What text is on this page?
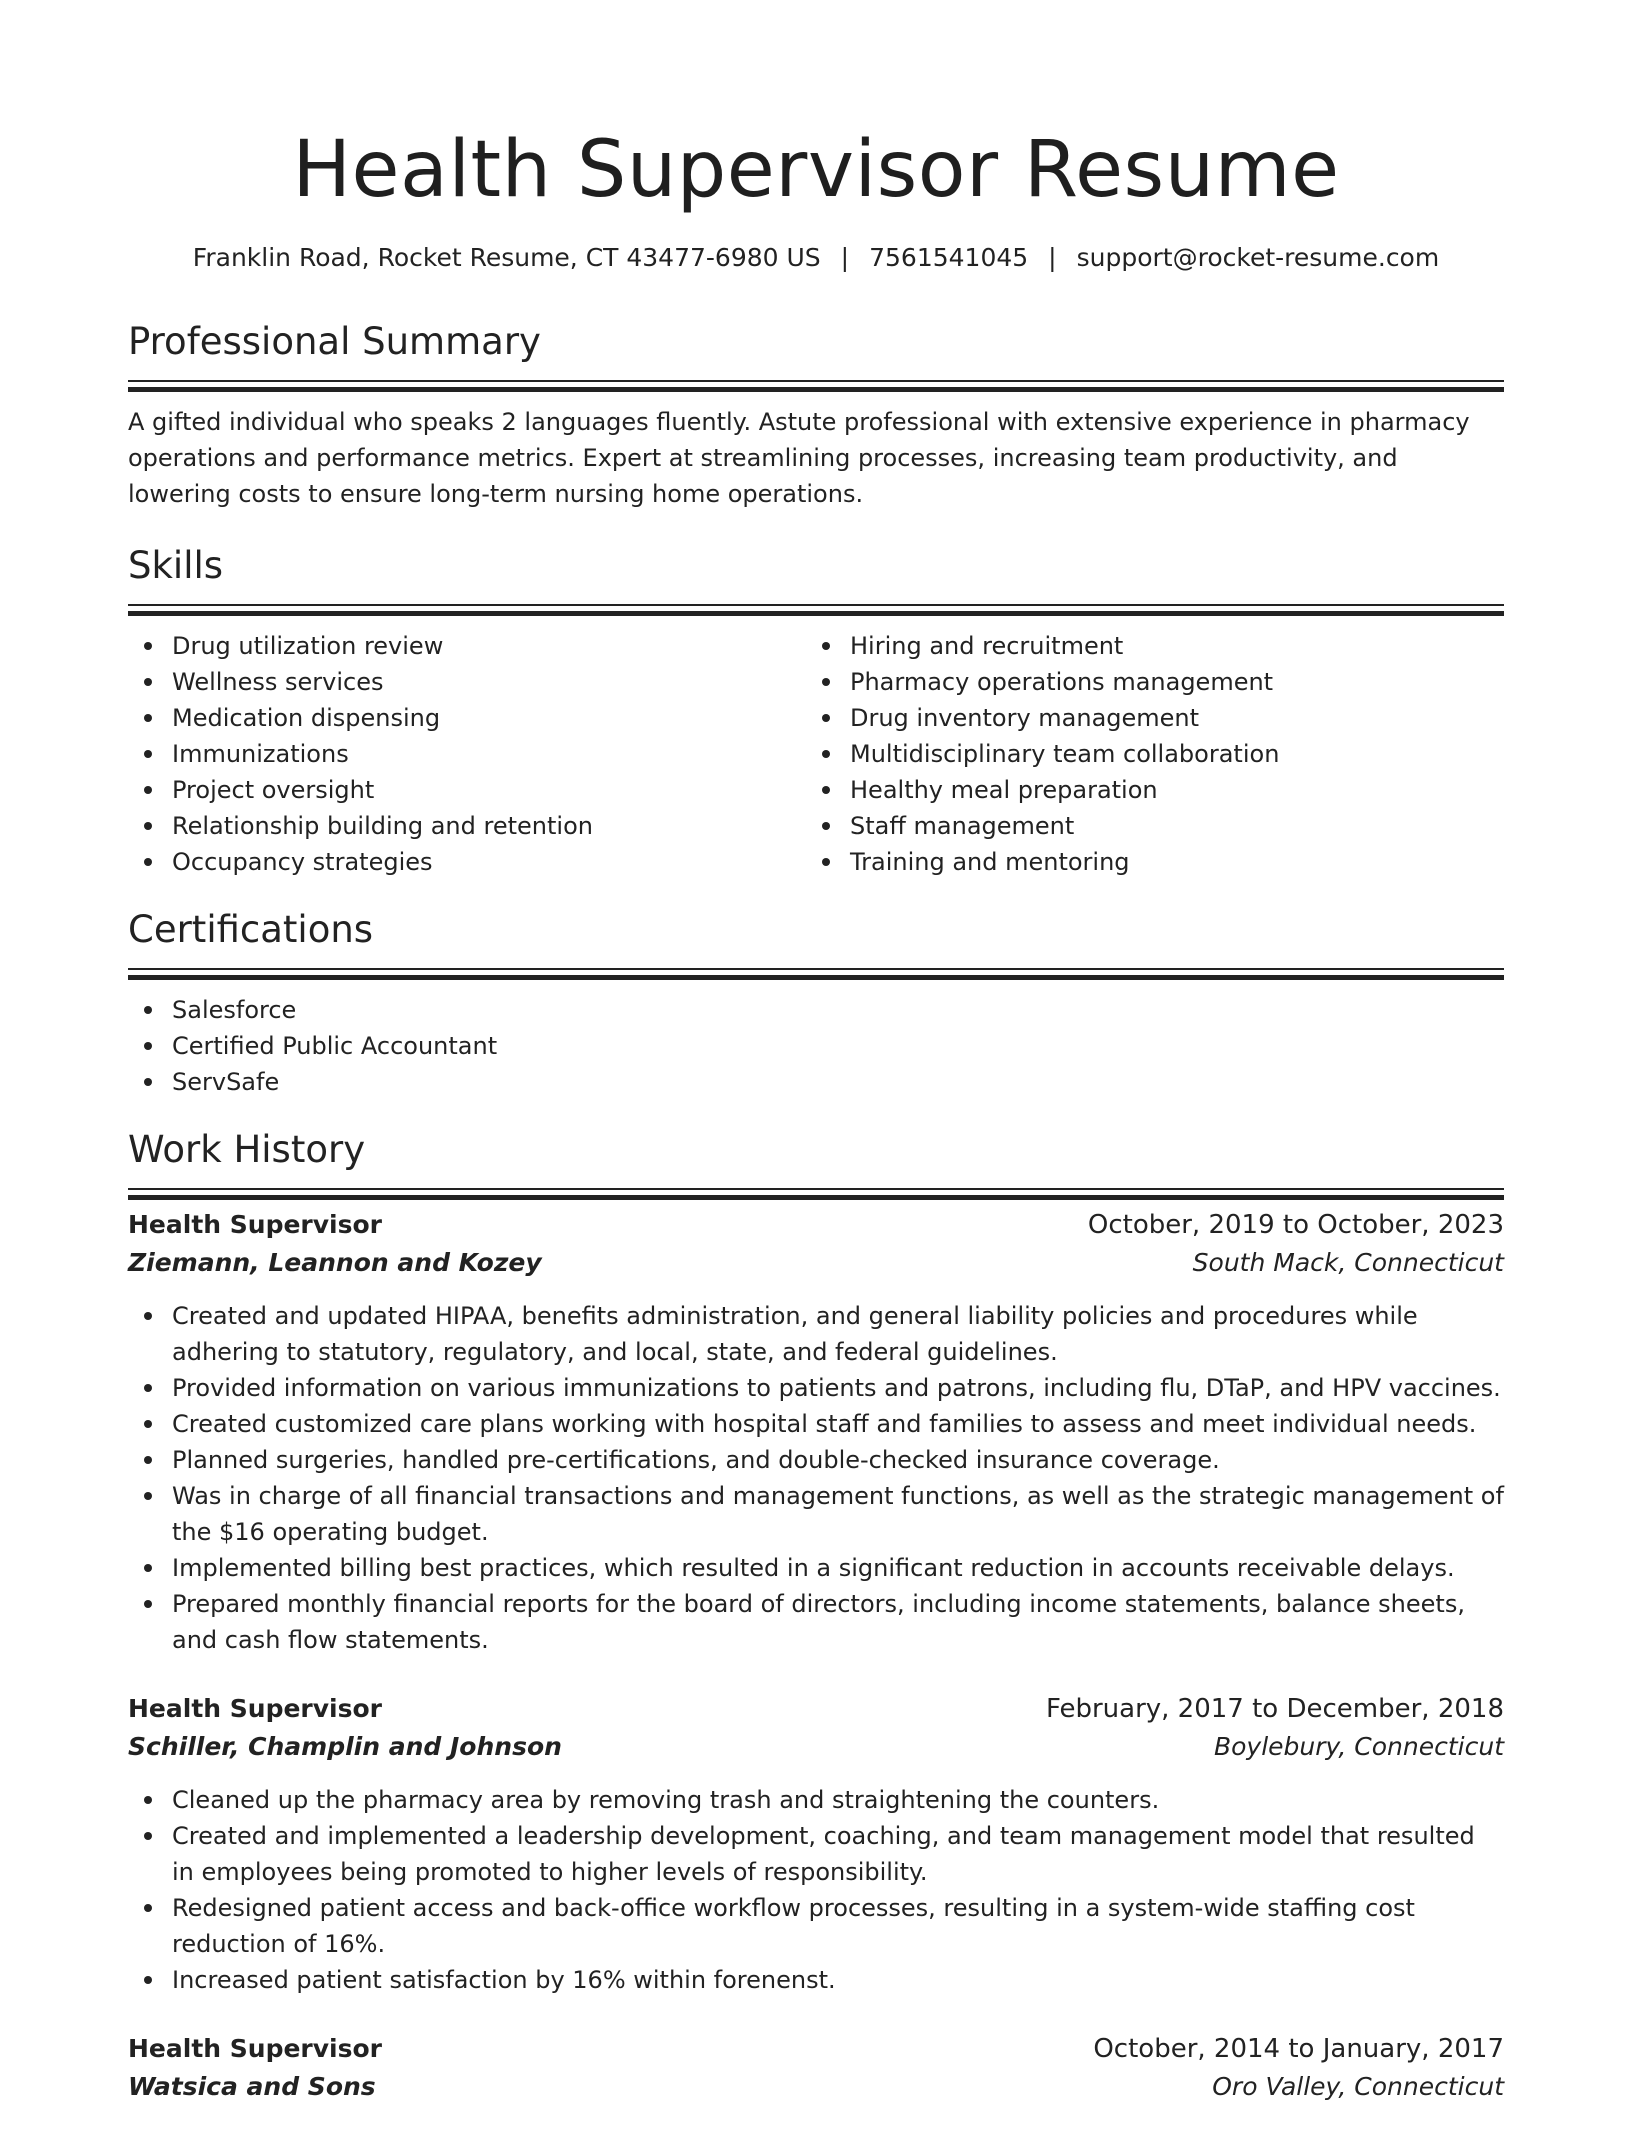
Health Supervisor Resume
Franklin Road, Rocket Resume, CT 43477-6980 US | 7561541045 | support@rocket-resume.com
Professional Summary

A gifted individual who speaks 2 languages fluently. Astute professional with extensive experience in pharmacy operations and performance metrics. Expert at streamlining processes, increasing team productivity, and lowering costs to ensure long-term nursing home operations.

Skills
Drug utilization review
Wellness services
Medication dispensing
Immunizations
Project oversight
Relationship building and retention
Occupancy strategies
Hiring and recruitment
Pharmacy operations management
Drug inventory management
Multidisciplinary team collaboration
Healthy meal preparation
Staff management
Training and mentoring
Certifications
Salesforce
Certified Public Accountant
ServSafe
Work History
Health Supervisor	October, 2019 to October, 2023
Ziemann, Leannon and Kozey	South Mack, Connecticut
Created and updated HIPAA, benefits administration, and general liability policies and procedures while adhering to statutory, regulatory, and local, state, and federal guidelines.
Provided information on various immunizations to patients and patrons, including flu, DTaP, and HPV vaccines.
Created customized care plans working with hospital staff and families to assess and meet individual needs.
Planned surgeries, handled pre-certifications, and double-checked insurance coverage.
Was in charge of all financial transactions and management functions, as well as the strategic management of the $16 operating budget.
Implemented billing best practices, which resulted in a significant reduction in accounts receivable delays.
Prepared monthly financial reports for the board of directors, including income statements, balance sheets, and cash flow statements.
Health Supervisor	February, 2017 to December, 2018
Schiller, Champlin and Johnson	Boylebury, Connecticut
Cleaned up the pharmacy area by removing trash and straightening the counters.
Created and implemented a leadership development, coaching, and team management model that resulted in employees being promoted to higher levels of responsibility.
Redesigned patient access and back-office workflow processes, resulting in a system-wide staffing cost reduction of 16%.
Increased patient satisfaction by 16% within forenenst.
Health Supervisor	October, 2014 to January, 2017
Watsica and Sons	Oro Valley, Connecticut
